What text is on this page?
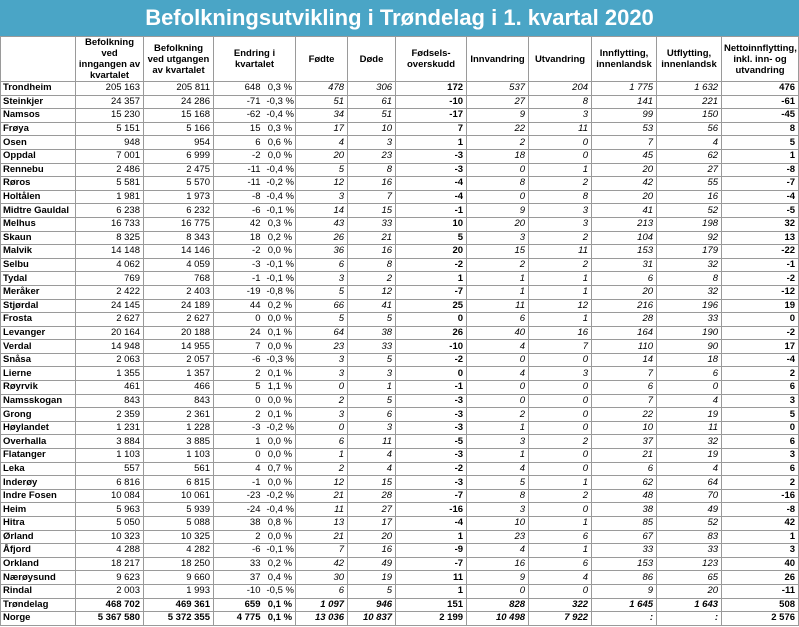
Befolkningsutvikling i Trøndelag i 1. kvartal 2020
	Befolkning ved inngangen av kvartalet	Befolkning ved utgangen av kvartalet	Endring i kvartalet		Fødte	Døde	Fødsels-overskudd	Innvandring	Utvandring	Innflytting, innenlandsk	Utflytting, innenlandsk	Nettoinnflytting, inkl. inn- og utvandring
Trondheim	205 163	205 811	648	0,3 %	478	306	172	537	204	1 775	1 632	476
Steinkjer	24 357	24 286	-71	-0,3 %	51	61	-10	27	8	141	221	-61
Namsos	15 230	15 168	-62	-0,4 %	34	51	-17	9	3	99	150	-45
Frøya	5 151	5 166	15	0,3 %	17	10	7	22	11	53	56	8
Osen	948	954	6	0,6 %	4	3	1	2	0	7	4	5
Oppdal	7 001	6 999	-2	0,0 %	20	23	-3	18	0	45	62	1
Rennebu	2 486	2 475	-11	-0,4 %	5	8	-3	0	1	20	27	-8
Røros	5 581	5 570	-11	-0,2 %	12	16	-4	8	2	42	55	-7
Holtålen	1 981	1 973	-8	-0,4 %	3	7	-4	0	8	20	16	-4
Midtre Gauldal	6 238	6 232	-6	-0,1 %	14	15	-1	9	3	41	52	-5
Melhus	16 733	16 775	42	0,3 %	43	33	10	20	3	213	198	32
Skaun	8 325	8 343	18	0,2 %	26	21	5	3	2	104	92	13
Malvik	14 148	14 146	-2	0,0 %	36	16	20	15	11	153	179	-22
Selbu	4 062	4 059	-3	-0,1 %	6	8	-2	2	2	31	32	-1
Tydal	769	768	-1	-0,1 %	3	2	1	1	1	6	8	-2
Meråker	2 422	2 403	-19	-0,8 %	5	12	-7	1	1	20	32	-12
Stjørdal	24 145	24 189	44	0,2 %	66	41	25	11	12	216	196	19
Frosta	2 627	2 627	0	0,0 %	5	5	0	6	1	28	33	0
Levanger	20 164	20 188	24	0,1 %	64	38	26	40	16	164	190	-2
Verdal	14 948	14 955	7	0,0 %	23	33	-10	4	7	110	90	17
Snåsa	2 063	2 057	-6	-0,3 %	3	5	-2	0	0	14	18	-4
Lierne	1 355	1 357	2	0,1 %	3	3	0	4	3	7	6	2
Røyrvik	461	466	5	1,1 %	0	1	-1	0	0	6	0	6
Namsskogan	843	843	0	0,0 %	2	5	-3	0	0	7	4	3
Grong	2 359	2 361	2	0,1 %	3	6	-3	2	0	22	19	5
Høylandet	1 231	1 228	-3	-0,2 %	0	3	-3	1	0	10	11	0
Overhalla	3 884	3 885	1	0,0 %	6	11	-5	3	2	37	32	6
Flatanger	1 103	1 103	0	0,0 %	1	4	-3	1	0	21	19	3
Leka	557	561	4	0,7 %	2	4	-2	4	0	6	4	6
Inderøy	6 816	6 815	-1	0,0 %	12	15	-3	5	1	62	64	2
Indre Fosen	10 084	10 061	-23	-0,2 %	21	28	-7	8	2	48	70	-16
Heim	5 963	5 939	-24	-0,4 %	11	27	-16	3	0	38	49	-8
Hitra	5 050	5 088	38	0,8 %	13	17	-4	10	1	85	52	42
Ørland	10 323	10 325	2	0,0 %	21	20	1	23	6	67	83	1
Åfjord	4 288	4 282	-6	-0,1 %	7	16	-9	4	1	33	33	3
Orkland	18 217	18 250	33	0,2 %	42	49	-7	16	6	153	123	40
Nærøysund	9 623	9 660	37	0,4 %	30	19	11	9	4	86	65	26
Rindal	2 003	1 993	-10	-0,5 %	6	5	1	0	0	9	20	-11
Trøndelag	468 702	469 361	659	0,1 %	1 097	946	151	828	322	1 645	1 643	508
Norge	5 367 580	5 372 355	4 775	0,1 %	13 036	10 837	2 199	10 498	7 922	:	:	2 576
